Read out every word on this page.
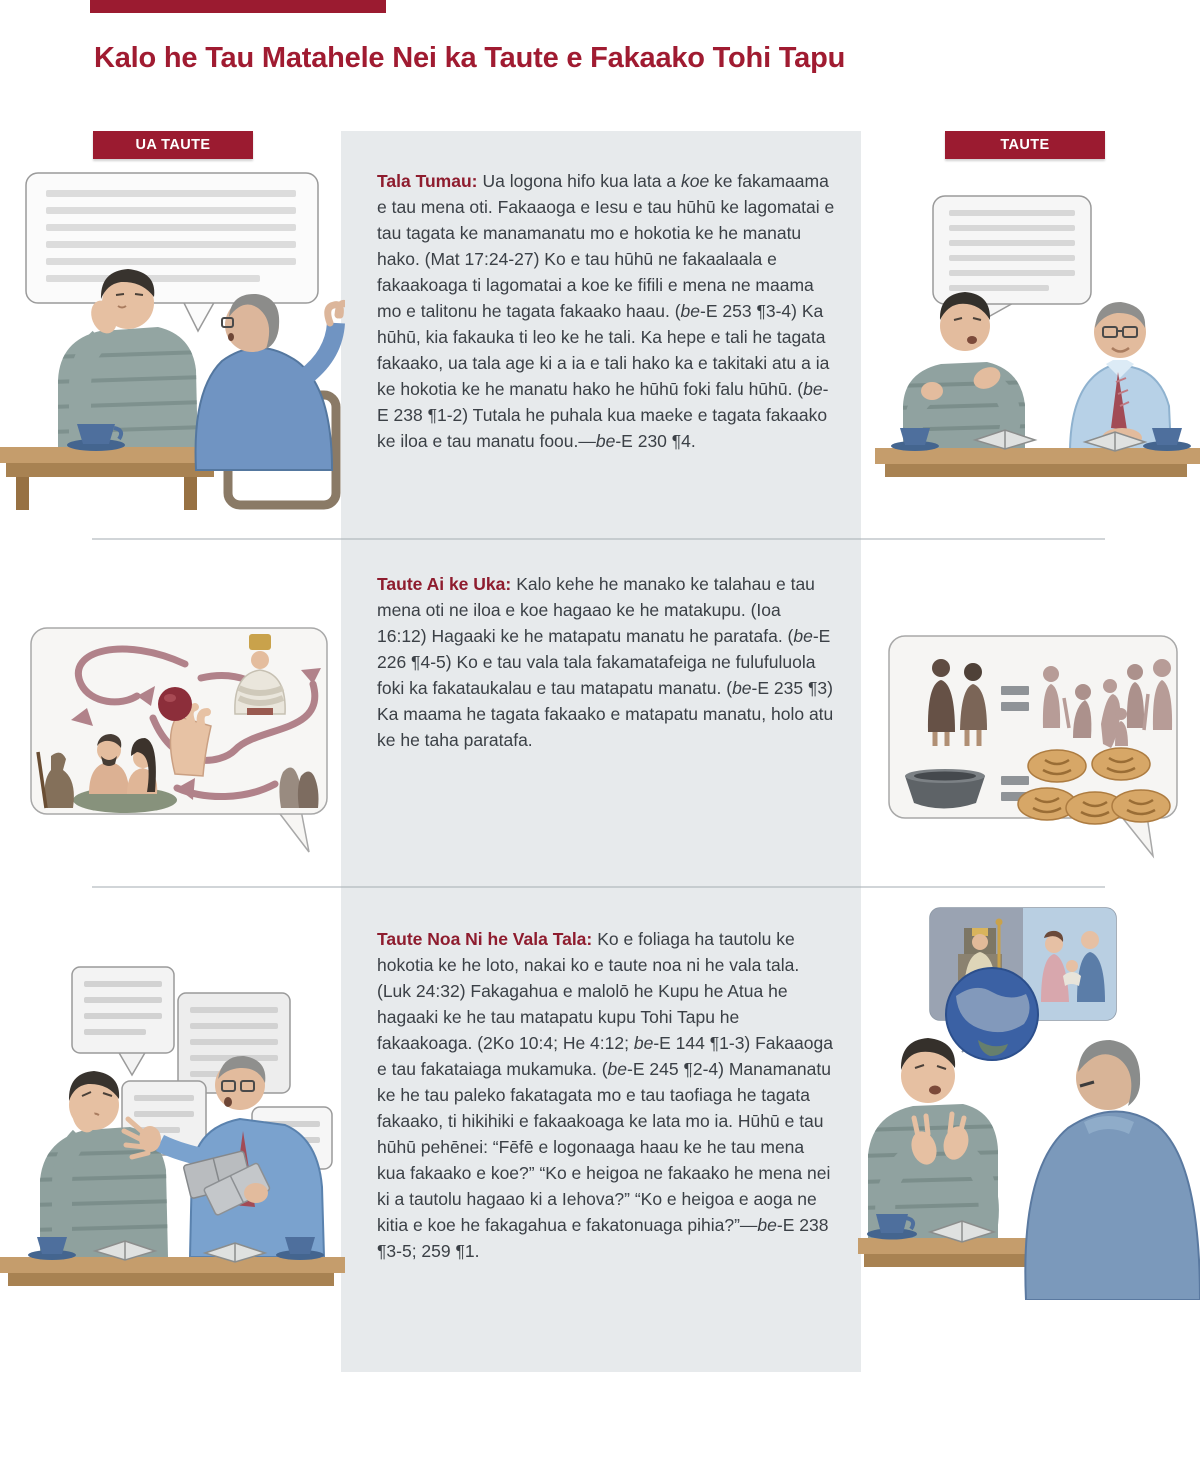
Kalo he Tau Matahele Nei ka Taute e Fakaako Tohi Tapu
UA TAUTE	TAUTE

Tala Tumau: Ua logona hifo kua lata a koe ke fakamaama e tau mena oti. Fakaaoga e Iesu e tau hūhū ke lagomatai e tau tagata ke manamanatu mo e hokotia ke he manatu hako. (Mat 17:24-27) Ko e tau hūhū ne fakaalaala e fakaakoaga ti lagomatai a koe ke fifili e mena ne maama mo e talitonu he tagata fakaako haau. (be-E 253 ¶3-4) Ka hūhū, kia fakauka ti leo ke he tali. Ka hepe e tali he tagata fakaako, ua tala age ki a ia e tali hako ka e takitaki atu a ia ke hokotia ke he manatu hako he hūhū foki falu hūhū. (be-E 238 ¶1-2) Tutala he puhala kua maeke e tagata fakaako ke iloa e tau manatu foou.—be-E 230 ¶4.

Taute Ai ke Uka: Kalo kehe he manako ke talahau e tau mena oti ne iloa e koe hagaao ke he matakupu. (Ioa 16:12) Hagaaki ke he matapatu manatu he paratafa. (be-E 226 ¶4-5) Ko e tau vala tala fakamatafeiga ne fulufuluola foki ka fakataukalau e tau matapatu manatu. (be-E 235 ¶3) Ka maama he tagata fakaako e matapatu manatu, holo atu ke he taha paratafa.

Taute Noa Ni he Vala Tala: Ko e foliaga ha tautolu ke hokotia ke he loto, nakai ko e taute noa ni he vala tala. (Luk 24:32) Fakagahua e malolō he Kupu he Atua he hagaaki ke he tau matapatu kupu Tohi Tapu he fakaakoaga. (2Ko 10:4; He 4:12; be-E 144 ¶1-3) Fakaaoga e tau fakataiaga mukamuka. (be-E 245 ¶2-4) Manamanatu ke he tau paleko fakatagata mo e tau taofiaga he tagata fakaako, ti hikihiki e fakaakoaga ke lata mo ia. Hūhū e tau hūhū pehēnei: “Fēfē e logonaaga haau ke he tau mena kua fakaako e koe?” “Ko e heigoa ne fakaako he mena nei ki a tautolu hagaao ki a Iehova?” “Ko e heigoa e aoga ne kitia e koe he fakagahua e fakatonuaga pihia?”—be-E 238 ¶3-5; 259 ¶1.
